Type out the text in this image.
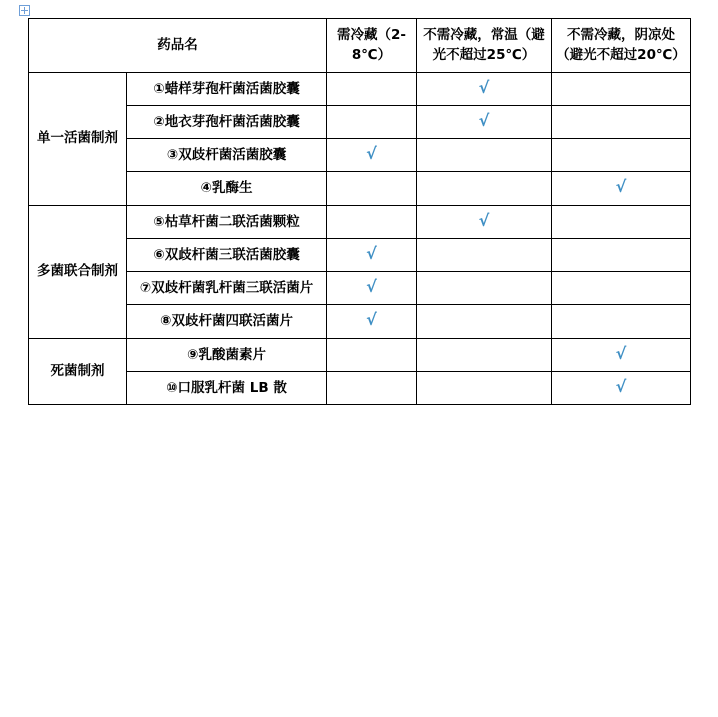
药品名		需冷藏（2-8℃）	不需冷藏，常温（避光不超过25℃）	不需冷藏，阴凉处（避光不超过20℃）
单一活菌制剂	①蜡样芽孢杆菌活菌胶囊		√	
	②地衣芽孢杆菌活菌胶囊		√	
	③双歧杆菌活菌胶囊	√		
	④乳酶生			√
多菌联合制剂	⑤枯草杆菌二联活菌颗粒		√	
	⑥双歧杆菌三联活菌胶囊	√		
	⑦双歧杆菌乳杆菌三联活菌片	√		
	⑧双歧杆菌四联活菌片	√		
死菌制剂	⑨乳酸菌素片			√
	⑩口服乳杆菌 LB 散			√
